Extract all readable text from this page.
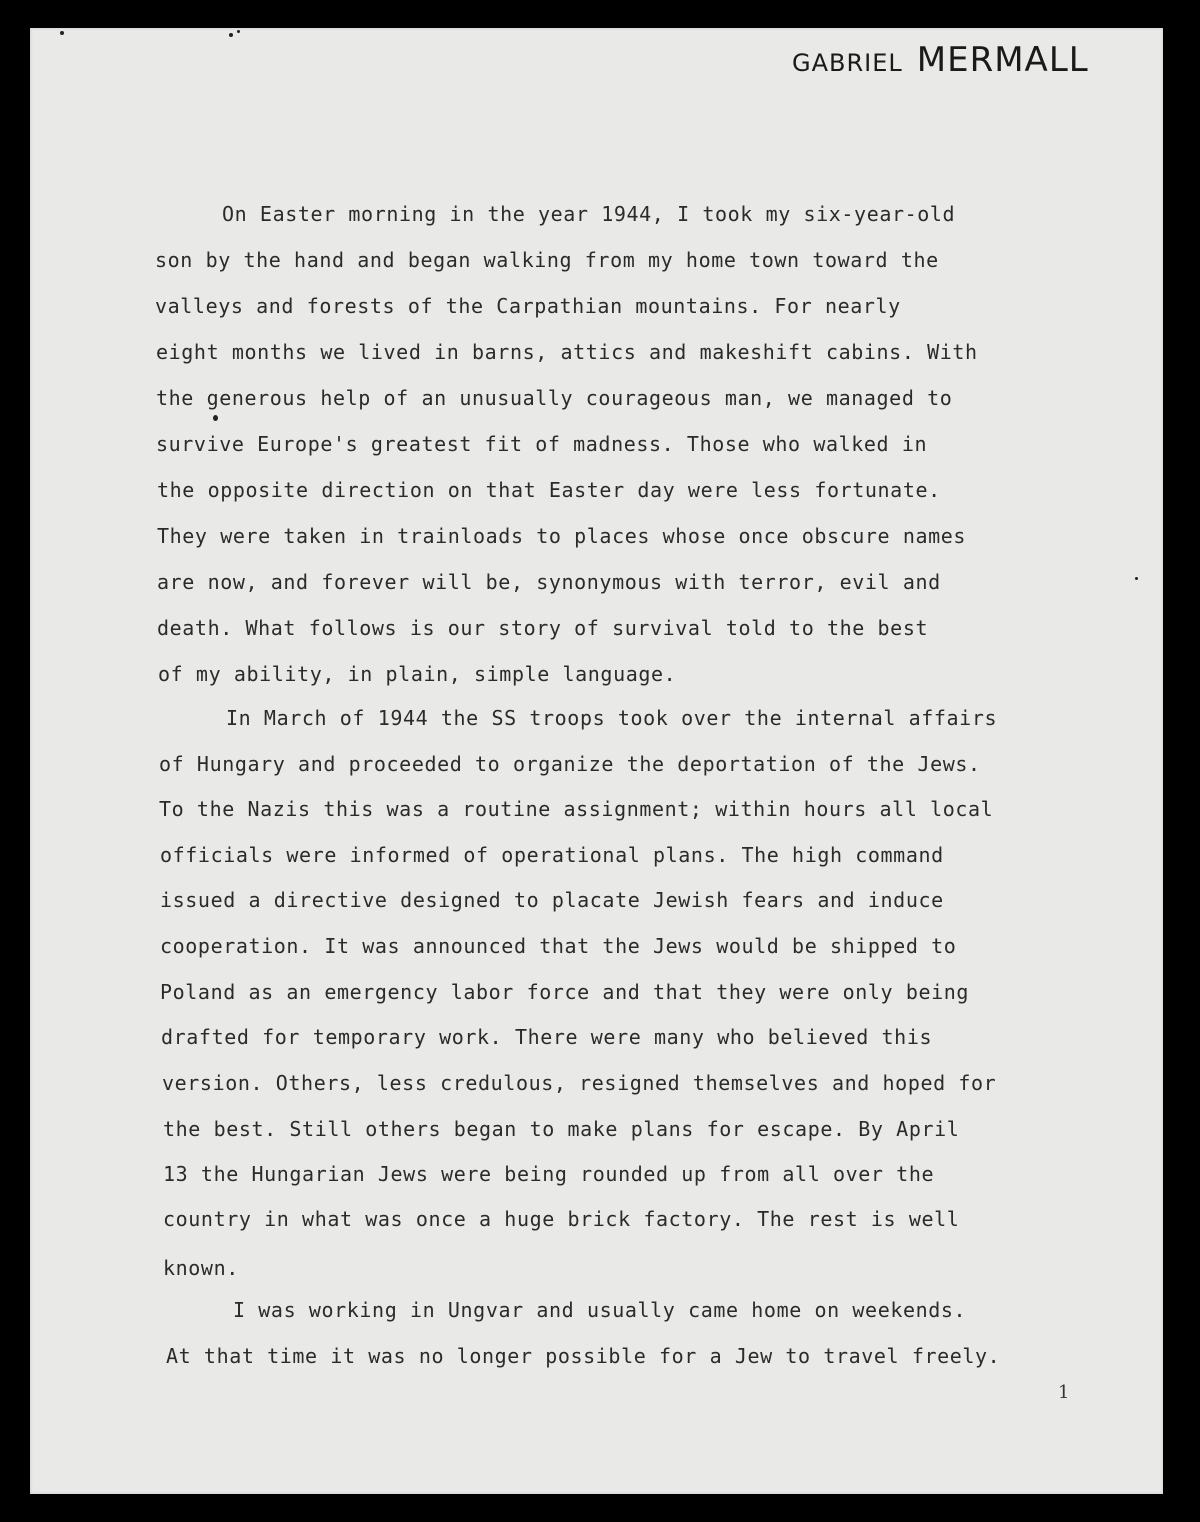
GABRIEL MERMALL
On Easter morning in the year 1944, I took my six-year-old
son by the hand and began walking from my home town toward the
valleys and forests of the Carpathian mountains. For nearly
eight months we lived in barns, attics and makeshift cabins. With
the generous help of an unusually courageous man, we managed to
survive Europe's greatest fit of madness. Those who walked in
the opposite direction on that Easter day were less fortunate.
They were taken in trainloads to places whose once obscure names
are now, and forever will be, synonymous with terror, evil and
death. What follows is our story of survival told to the best
of my ability, in plain, simple language.
In March of 1944 the SS troops took over the internal affairs
of Hungary and proceeded to organize the deportation of the Jews.
To the Nazis this was a routine assignment; within hours all local
officials were informed of operational plans. The high command
issued a directive designed to placate Jewish fears and induce
cooperation. It was announced that the Jews would be shipped to
Poland as an emergency labor force and that they were only being
drafted for temporary work. There were many who believed this
version. Others, less credulous, resigned themselves and hoped for
the best. Still others began to make plans for escape. By April
13 the Hungarian Jews were being rounded up from all over the
country in what was once a huge brick factory. The rest is well
known.
I was working in Ungvar and usually came home on weekends.
At that time it was no longer possible for a Jew to travel freely.
1
